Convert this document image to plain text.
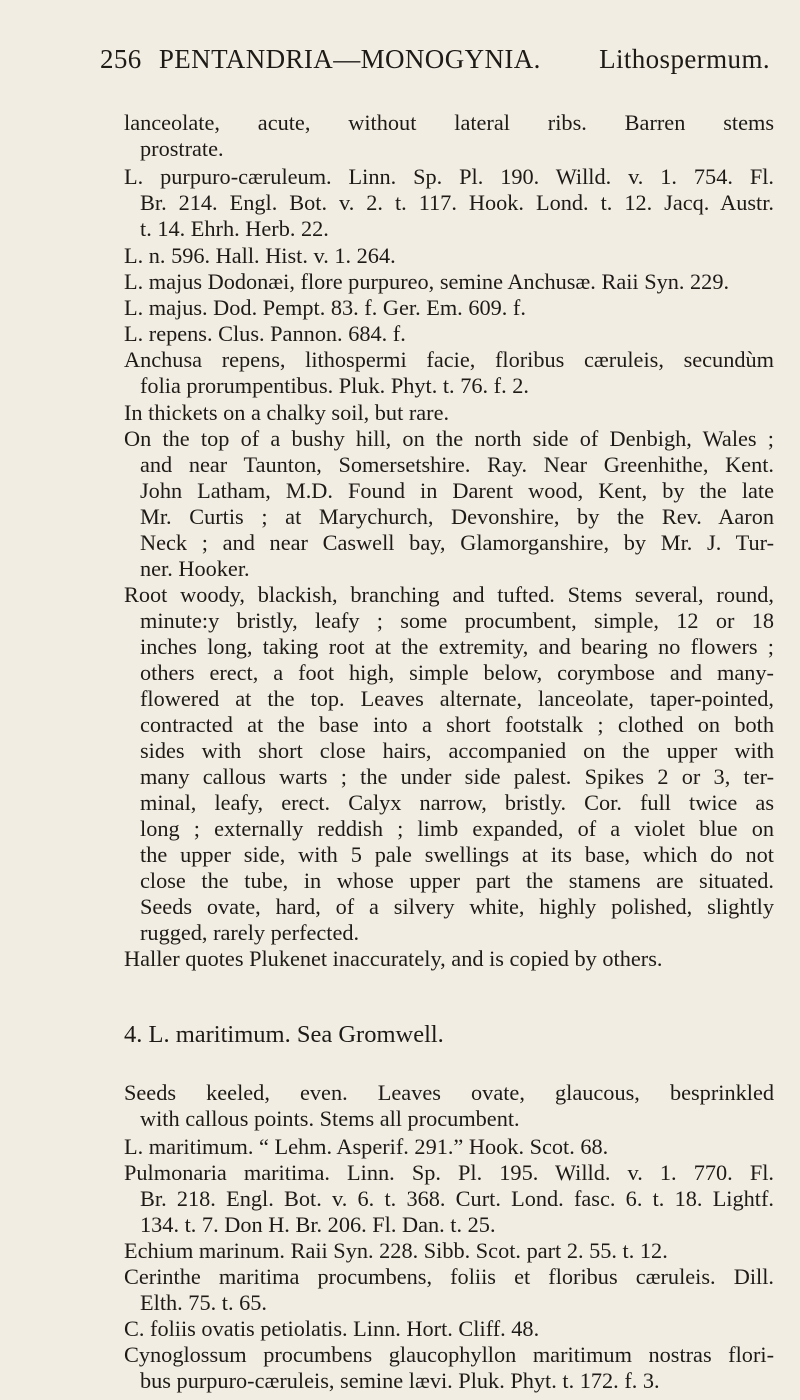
256 PENTANDRIA—MONOGYNIA. Lithospermum.
lanceolate, acute, without lateral ribs. Barren stems
prostrate.
L. purpuro-cæruleum. Linn. Sp. Pl. 190. Willd. v. 1. 754. Fl.
Br. 214. Engl. Bot. v. 2. t. 117. Hook. Lond. t. 12. Jacq. Austr.
t. 14. Ehrh. Herb. 22.
L. n. 596. Hall. Hist. v. 1. 264.
L. majus Dodonæi, flore purpureo, semine Anchusæ. Raii Syn. 229.
L. majus. Dod. Pempt. 83. f. Ger. Em. 609. f.
L. repens. Clus. Pannon. 684. f.
Anchusa repens, lithospermi facie, floribus cæruleis, secundùm
folia prorumpentibus. Pluk. Phyt. t. 76. f. 2.
In thickets on a chalky soil, but rare.
On the top of a bushy hill, on the north side of Denbigh, Wales ;
and near Taunton, Somersetshire. Ray. Near Greenhithe, Kent.
John Latham, M.D. Found in Darent wood, Kent, by the late
Mr. Curtis ; at Marychurch, Devonshire, by the Rev. Aaron
Neck ; and near Caswell bay, Glamorganshire, by Mr. J. Tur-
ner. Hooker.
Root woody, blackish, branching and tufted. Stems several, round,
minute:y bristly, leafy ; some procumbent, simple, 12 or 18
inches long, taking root at the extremity, and bearing no flowers ;
others erect, a foot high, simple below, corymbose and many-
flowered at the top. Leaves alternate, lanceolate, taper-pointed,
contracted at the base into a short footstalk ; clothed on both
sides with short close hairs, accompanied on the upper with
many callous warts ; the under side palest. Spikes 2 or 3, ter-
minal, leafy, erect. Calyx narrow, bristly. Cor. full twice as
long ; externally reddish ; limb expanded, of a violet blue on
the upper side, with 5 pale swellings at its base, which do not
close the tube, in whose upper part the stamens are situated.
Seeds ovate, hard, of a silvery white, highly polished, slightly
rugged, rarely perfected.
Haller quotes Plukenet inaccurately, and is copied by others.
4. L. maritimum. Sea Gromwell.
Seeds keeled, even. Leaves ovate, glaucous, besprinkled
with callous points. Stems all procumbent.
L. maritimum. “ Lehm. Asperif. 291.” Hook. Scot. 68.
Pulmonaria maritima. Linn. Sp. Pl. 195. Willd. v. 1. 770. Fl.
Br. 218. Engl. Bot. v. 6. t. 368. Curt. Lond. fasc. 6. t. 18. Lightf.
134. t. 7. Don H. Br. 206. Fl. Dan. t. 25.
Echium marinum. Raii Syn. 228. Sibb. Scot. part 2. 55. t. 12.
Cerinthe maritima procumbens, foliis et floribus cæruleis. Dill.
Elth. 75. t. 65.
C. foliis ovatis petiolatis. Linn. Hort. Cliff. 48.
Cynoglossum procumbens glaucophyllon maritimum nostras flori-
bus purpuro-cæruleis, semine lævi. Pluk. Phyt. t. 172. f. 3.
